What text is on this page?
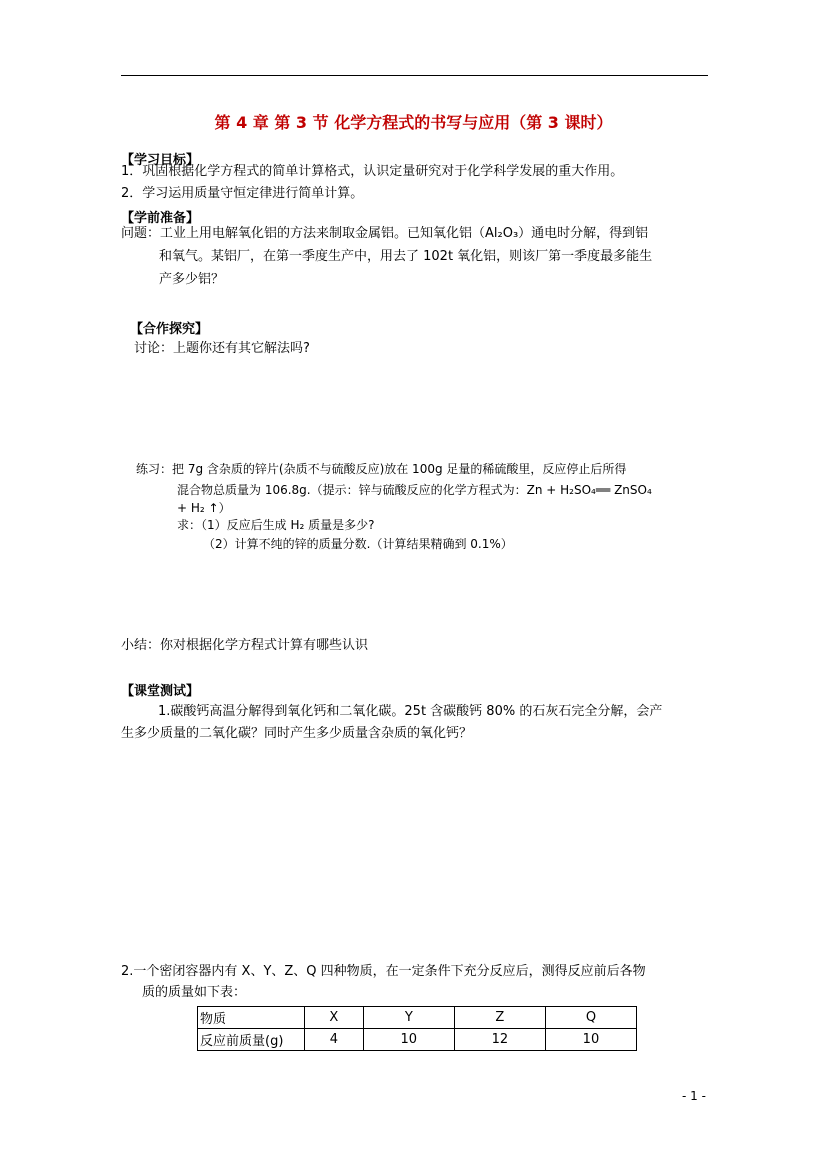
第 4 章 第 3 节 化学方程式的书写与应用（第 3 课时）
【学习目标】
1．巩固根据化学方程式的简单计算格式，认识定量研究对于化学科学发展的重大作用。
2．学习运用质量守恒定律进行简单计算。
【学前准备】
问题：工业上用电解氧化铝的方法来制取金属铝。已知氧化铝（Al₂O₃）通电时分解，得到铝
和氧气。某铝厂，在第一季度生产中，用去了 102t 氧化铝，则该厂第一季度最多能生
产多少铝？
【合作探究】
讨论：上题你还有其它解法吗?
练习：把 7g 含杂质的锌片(杂质不与硫酸反应)放在 100g 足量的稀硫酸里，反应停止后所得
混合物总质量为 106.8g.（提示：锌与硫酸反应的化学方程式为：Zn + H₂SO₄══ ZnSO₄
+ H₂ ↑）
求：（1）反应后生成 H₂ 质量是多少?
（2）计算不纯的锌的质量分数.（计算结果精确到 0.1%）
小结：你对根据化学方程式计算有哪些认识
【课堂测试】
1.碳酸钙高温分解得到氧化钙和二氧化碳。25t 含碳酸钙 80% 的石灰石完全分解，会产
生多少质量的二氧化碳？同时产生多少质量含杂质的氧化钙？
2.一个密闭容器内有 X、Y、Z、Q 四种物质，在一定条件下充分反应后，测得反应前后各物
质的质量如下表：
物质	X	Y	Z	Q
反应前质量(g)	4	10	12	10
- 1 -
